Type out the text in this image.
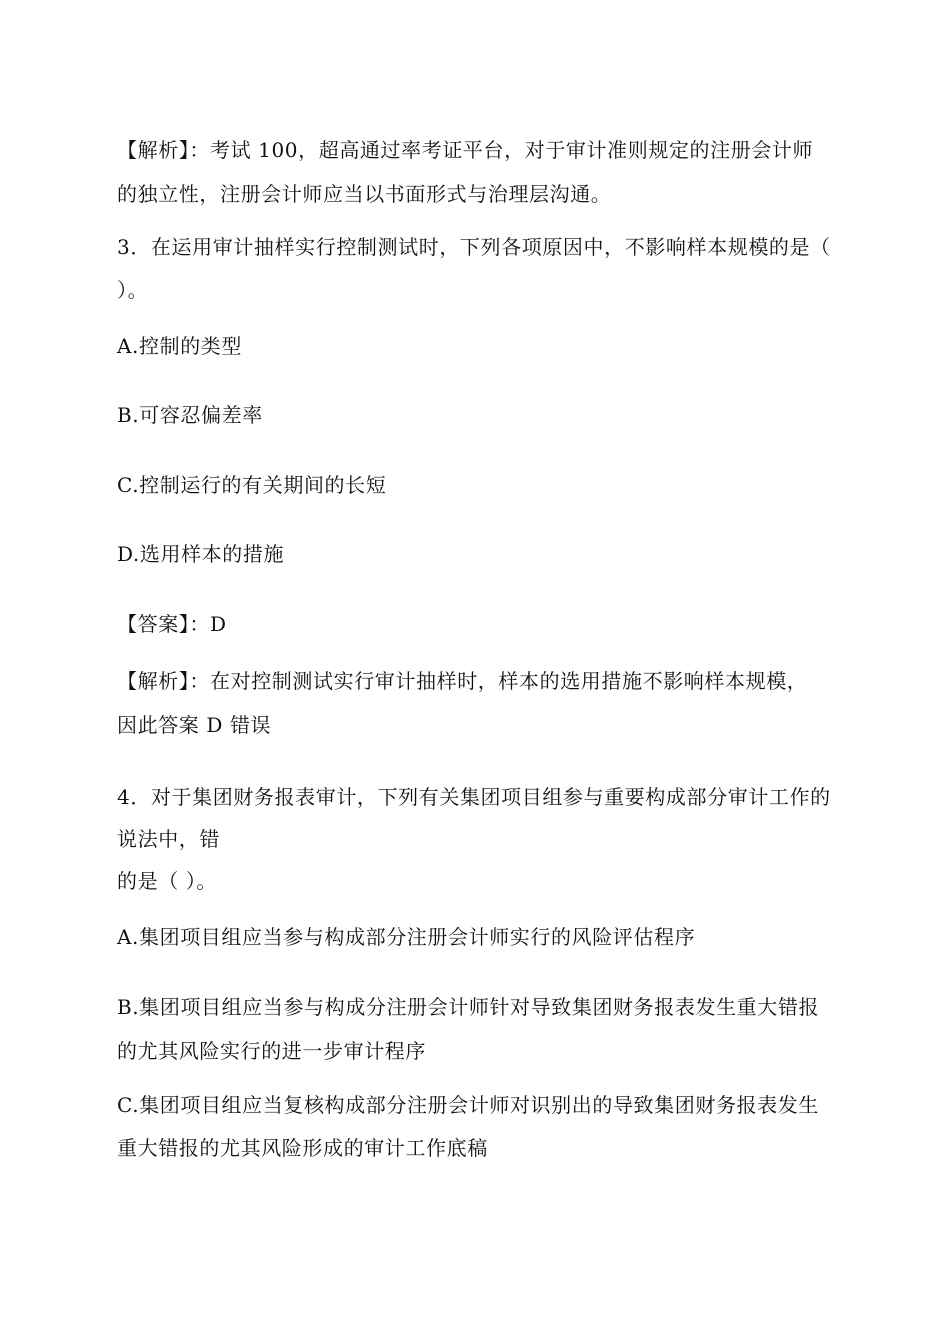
【解析】：考试 100，超高通过率考证平台，对于审计准则规定的注册会计师
的独立性，注册会计师应当以书面形式与治理层沟通。
3．在运用审计抽样实行控制测试时，下列各项原因中，不影响样本规模的是（
）。
A.控制的类型
B.可容忍偏差率
C.控制运行的有关期间的长短
D.选用样本的措施
【答案】：D
【解析】：在对控制测试实行审计抽样时，样本的选用措施不影响样本规模，
因此答案 D 错误
4．对于集团财务报表审计，下列有关集团项目组参与重要构成部分审计工作的
说法中，错
的是（ ）。
A.集团项目组应当参与构成部分注册会计师实行的风险评估程序
B.集团项目组应当参与构成分注册会计师针对导致集团财务报表发生重大错报
的尤其风险实行的进一步审计程序
C.集团项目组应当复核构成部分注册会计师对识别出的导致集团财务报表发生
重大错报的尤其风险形成的审计工作底稿
